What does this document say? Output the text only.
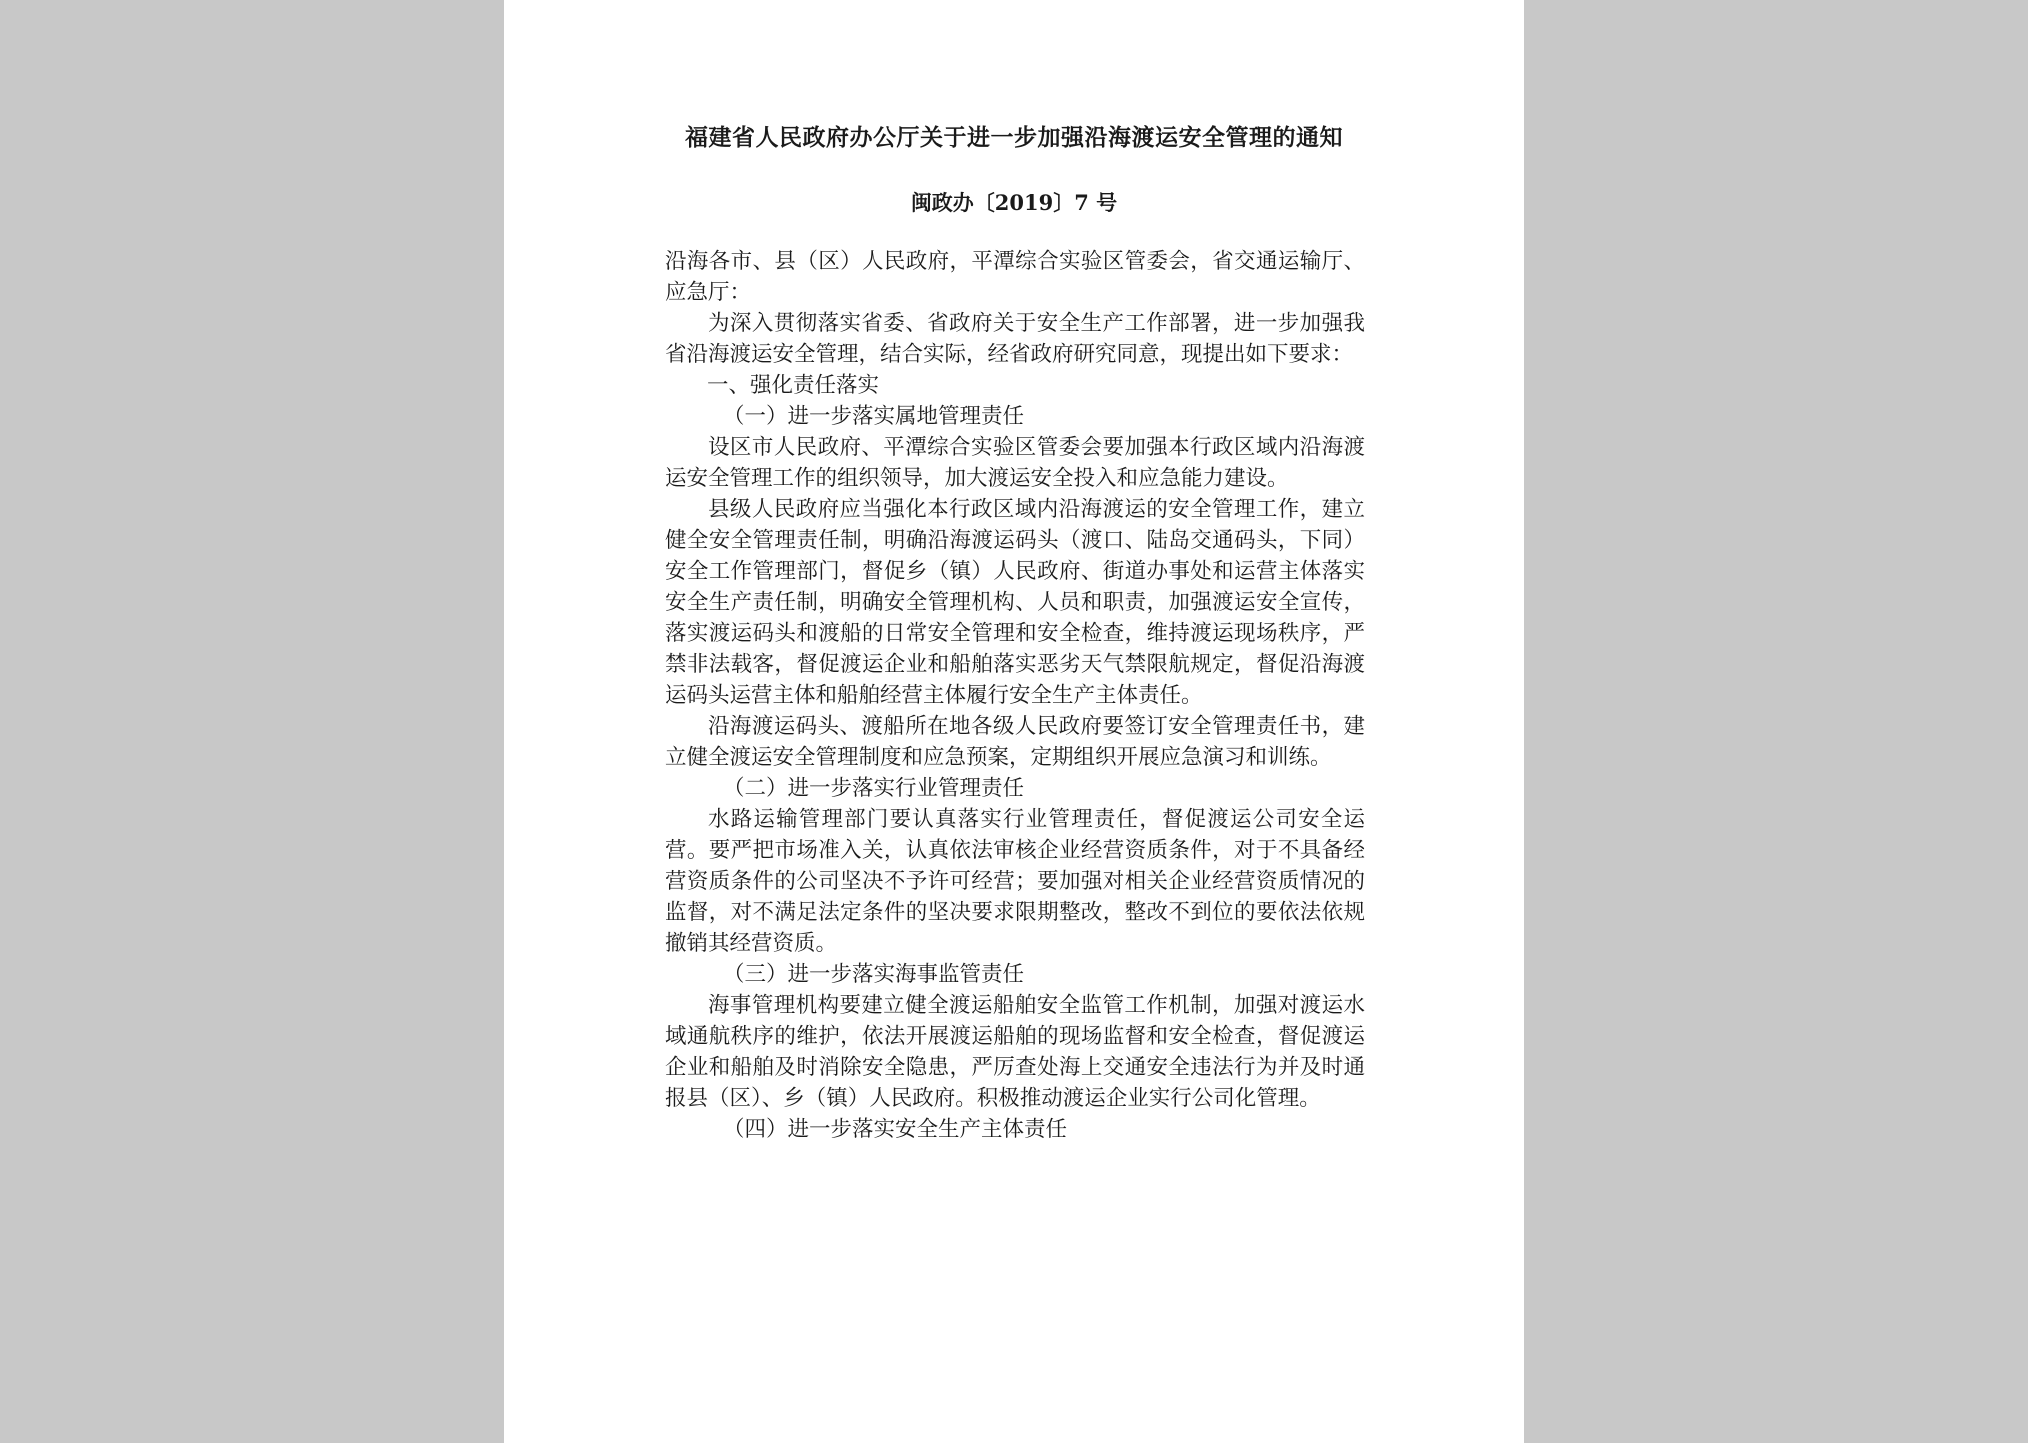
福建省人民政府办公厅关于进一步加强沿海渡运安全管理的通知
闽政办〔2019〕7 号

沿海各市、县（区）人民政府，平潭综合实验区管委会，省交通运输厅、应急厅：

为深入贯彻落实省委、省政府关于安全生产工作部署，进一步加强我省沿海渡运安全管理，结合实际，经省政府研究同意，现提出如下要求：

一、强化责任落实

（一）进一步落实属地管理责任

设区市人民政府、平潭综合实验区管委会要加强本行政区域内沿海渡运安全管理工作的组织领导，加大渡运安全投入和应急能力建设。

县级人民政府应当强化本行政区域内沿海渡运的安全管理工作，建立健全安全管理责任制，明确沿海渡运码头（渡口、陆岛交通码头，下同）安全工作管理部门，督促乡（镇）人民政府、街道办事处和运营主体落实安全生产责任制，明确安全管理机构、人员和职责，加强渡运安全宣传，落实渡运码头和渡船的日常安全管理和安全检查，维持渡运现场秩序，严禁非法载客，督促渡运企业和船舶落实恶劣天气禁限航规定，督促沿海渡运码头运营主体和船舶经营主体履行安全生产主体责任。

沿海渡运码头、渡船所在地各级人民政府要签订安全管理责任书，建立健全渡运安全管理制度和应急预案，定期组织开展应急演习和训练。

（二）进一步落实行业管理责任

水路运输管理部门要认真落实行业管理责任，督促渡运公司安全运营。要严把市场准入关，认真依法审核企业经营资质条件，对于不具备经营资质条件的公司坚决不予许可经营；要加强对相关企业经营资质情况的监督，对不满足法定条件的坚决要求限期整改，整改不到位的要依法依规撤销其经营资质。

（三）进一步落实海事监管责任

海事管理机构要建立健全渡运船舶安全监管工作机制，加强对渡运水域通航秩序的维护，依法开展渡运船舶的现场监督和安全检查，督促渡运企业和船舶及时消除安全隐患，严厉查处海上交通安全违法行为并及时通报县（区）、乡（镇）人民政府。积极推动渡运企业实行公司化管理。

（四）进一步落实安全生产主体责任
